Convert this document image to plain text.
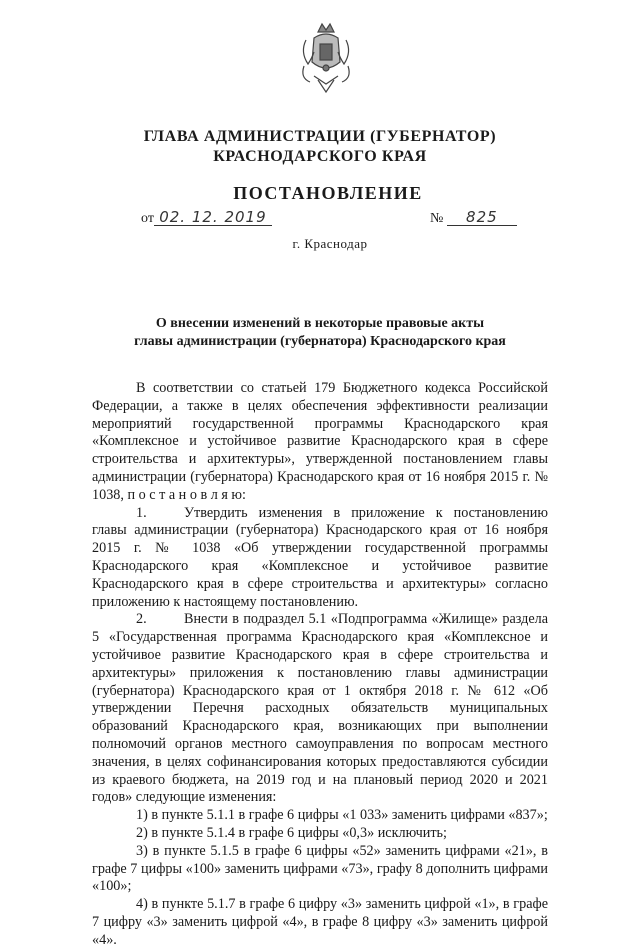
ГЛАВА АДМИНИСТРАЦИИ (ГУБЕРНАТОР)
КРАСНОДАРСКОГО КРАЯ
ПОСТАНОВЛЕНИЕ
от 02. 12. 2019	№ 825
г. Краснодар
О внесении изменений в некоторые правовые акты
главы администрации (губернатора) Краснодарского края

В соответствии со статьей 179 Бюджетного кодекса Российской Федерации, а также в целях обеспечения эффективности реализации мероприятий государственной программы Краснодарского края «Комплексное и устойчивое развитие Краснодарского края в сфере строительства и архитектуры», утвержденной постановлением главы администрации (губернатора) Краснодарского края от 16 ноября 2015 г. № 1038, п о с т а н о в л я ю:

1.	Утвердить изменения в приложение к постановлению главы администрации (губернатора) Краснодарского края от 16 ноября 2015 г. № 1038 «Об утверждении государственной программы Краснодарского края «Комплексное и устойчивое развитие Краснодарского края в сфере строительства и архитектуры» согласно приложению к настоящему постановлению.

2.	Внести в подраздел 5.1 «Подпрограмма «Жилище» раздела 5 «Государственная программа Краснодарского края «Комплексное и устойчивое развитие Краснодарского края в сфере строительства и архитектуры» приложения к постановлению главы администрации (губернатора) Краснодарского края от 1 октября 2018 г. № 612 «Об утверждении Перечня расходных обязательств муниципальных образований Краснодарского края, возникающих при выполнении полномочий органов местного самоуправления по вопросам местного значения, в целях софинансирования которых предоставляются субсидии из краевого бюджета, на 2019 год и на плановый период 2020 и 2021 годов» следующие изменения:

1) в пункте 5.1.1 в графе 6 цифры «1 033» заменить цифрами «837»;

2) в пункте 5.1.4 в графе 6 цифры «0,3» исключить;

3) в пункте 5.1.5 в графе 6 цифры «52» заменить цифрами «21», в графе 7 цифры «100» заменить цифрами «73», графу 8 дополнить цифрами «100»;

4) в пункте 5.1.7 в графе 6 цифру «3» заменить цифрой «1», в графе 7 цифру «3» заменить цифрой «4», в графе 8 цифру «3» заменить цифрой «4».
